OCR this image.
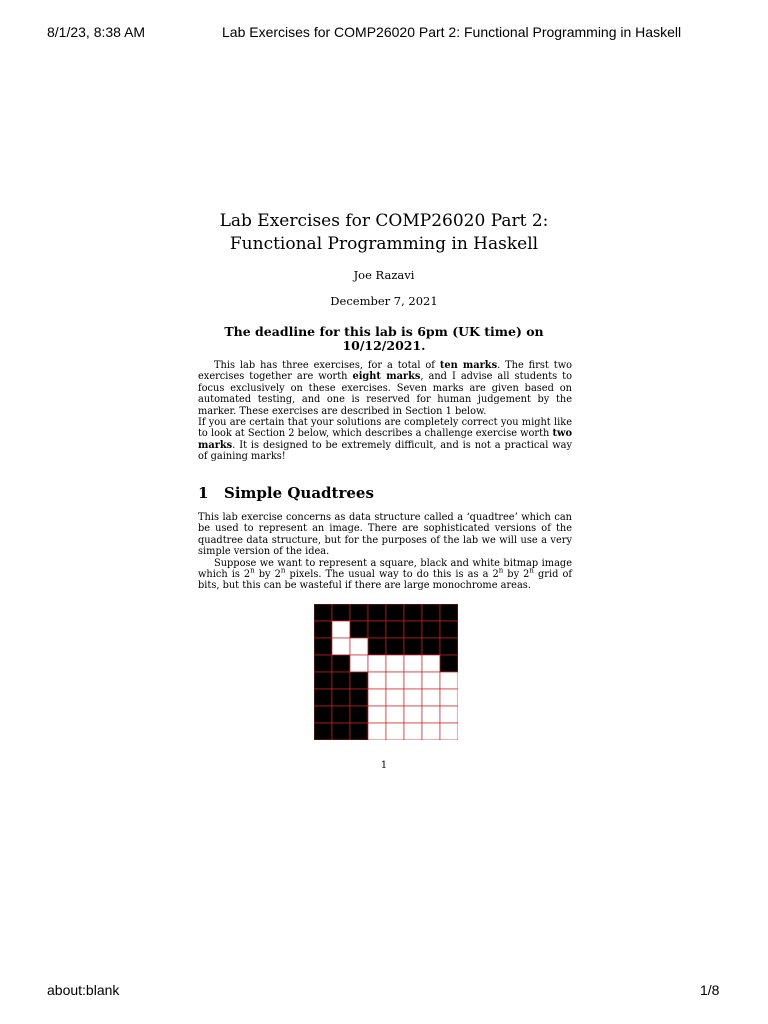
8/1/23, 8:38 AM	Lab Exercises for COMP26020 Part 2: Functional Programming in Haskell
Lab Exercises for COMP26020 Part 2:
Functional Programming in Haskell
Joe Razavi
December 7, 2021
The deadline for this lab is 6pm (UK time) on 10/12/2021.

This lab has three exercises, for a total of ten marks. The first two exercises together are worth eight marks, and I advise all students to focus exclusively on these exercises. Seven marks are given based on automated testing, and one is reserved for human judgement by the marker. These exercises are described in Section 1 below.

If you are certain that your solutions are completely correct you might like to look at Section 2 below, which describes a challenge exercise worth two marks. It is designed to be extremely difficult, and is not a practical way of gaining marks!

1 Simple Quadtrees

This lab exercise concerns as data structure called a ‘quadtree’ which can be used to represent an image. There are sophisticated versions of the quadtree data structure, but for the purposes of the lab we will use a very simple version of the idea.

Suppose we want to represent a square, black and white bitmap image which is 2$^n$ by 2$^n$ pixels. The usual way to do this is as a 2$^n$ by 2$^n$ grid of bits, but this can be wasteful if there are large monochrome areas.

1
about:blank	1/8
